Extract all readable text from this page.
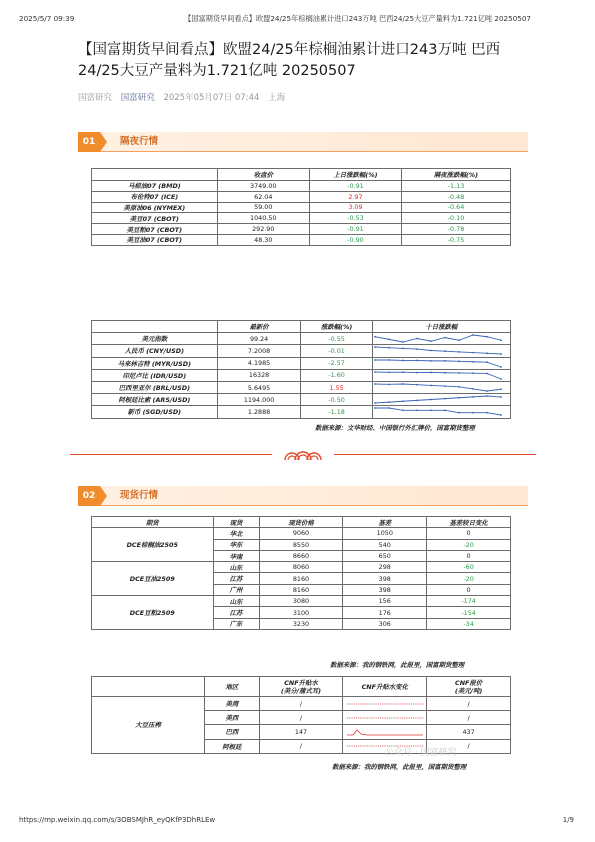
2025/5/7 09:39	【国富期货早间看点】欧盟24/25年棕榈油累计进口243万吨 巴西24/25大豆产量料为1.721亿吨 20250507
【国富期货早间看点】欧盟24/25年棕榈油累计进口243万吨 巴西24/25大豆产量料为1.721亿吨 20250507
国富研究 国富研究 2025年05月07日 07:44 上海
01	隔夜行情
	收盘价	上日涨跌幅(%)	隔夜涨跌幅(%)
马棕油07 (BMD)	3749.00	-0.91	-1.13
布伦特07 (ICE)	62.04	2.97	-0.48
美原油06 (NYMEX)	59.00	3.09	-0.64
美豆07 (CBOT)	1040.50	-0.53	-0.10
美豆粕07 (CBOT)	292.90	-0.91	-0.78
美豆油07 (CBOT)	48.30	-0.90	-0.75
	最新价	涨跌幅(%)	十日涨跌幅
美元指数	99.24	-0.55	

人民币 (CNY/USD)	7.2008	-0.01	

马来林吉特 (MYR/USD)	4.1985	-2.57	

印尼卢比 (IDR/USD)	16328	-1.60	

巴西里亚尔 (BRL/USD)	5.6495	1.55	

阿根廷比索 (ARS/USD)	1194.000	-0.50	

新币 (SGD/USD)	1.2888	-1.18	
数据来源：文华财经、中国银行外汇牌价，国富期货整理
02	现货行情
期货	现货	现货价格	基差	基差较日变化
DCE棕榈油2505	华北	9060	1050	0
	华东	8550	540	-20
	华南	8660	650	0
DCE豆油2509	山东	8060	298	-60
	江苏	8160	398	-20
	广州	8160	398	0
DCE豆粕2509	山东	3080	156	-174
	江苏	3100	176	-154
	广东	3230	306	-34
数据来源：我的钢铁网，此报里，国富期货整理
	地区	CNF升贴水
(美分/蒲式耳)	CNF升贴水变化	CNF报价
(美元/吨)
大豆压榨	美湾	/		/
	美西	/		/
	巴西	147		437
	阿根廷	/		/
公众号 · 国富研究
数据来源：我的钢铁网，此报里，国富期货整理
https://mp.weixin.qq.com/s/3OBSMJhR_eyQKfP3DhRLEw	1/9
